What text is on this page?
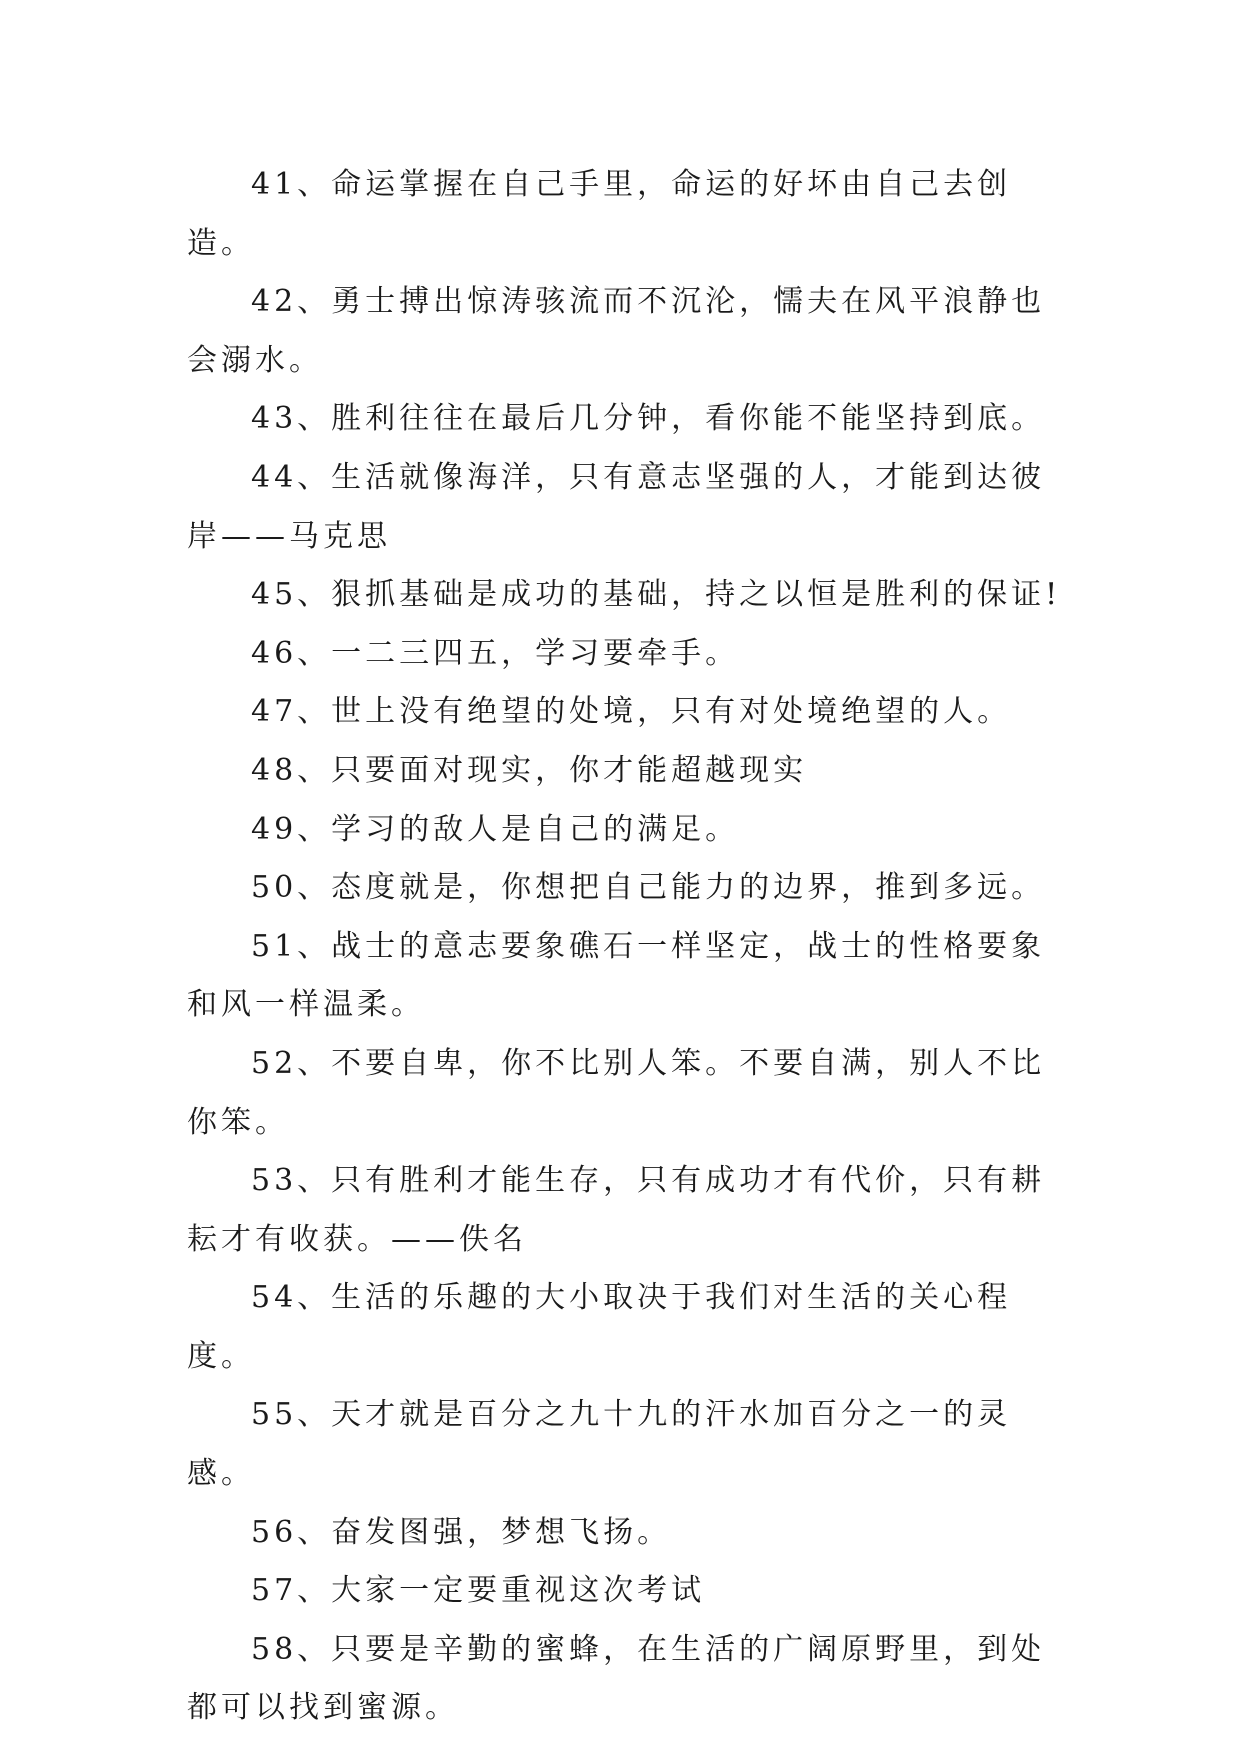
41、命运掌握在自己手里，命运的好坏由自己去创造。

42、勇士搏出惊涛骇流而不沉沦，懦夫在风平浪静也会溺水。

43、胜利往往在最后几分钟，看你能不能坚持到底。

44、生活就像海洋，只有意志坚强的人，才能到达彼岸——马克思

45、狠抓基础是成功的基础，持之以恒是胜利的保证!

46、一二三四五，学习要牵手。

47、世上没有绝望的处境，只有对处境绝望的人。

48、只要面对现实，你才能超越现实

49、学习的敌人是自己的满足。

50、态度就是，你想把自己能力的边界，推到多远。

51、战士的意志要象礁石一样坚定，战士的性格要象和风一样温柔。

52、不要自卑，你不比别人笨。不要自满，别人不比你笨。

53、只有胜利才能生存，只有成功才有代价，只有耕耘才有收获。——佚名

54、生活的乐趣的大小取决于我们对生活的关心程度。

55、天才就是百分之九十九的汗水加百分之一的灵感。

56、奋发图强，梦想飞扬。

57、大家一定要重视这次考试

58、只要是辛勤的蜜蜂，在生活的广阔原野里，到处都可以找到蜜源。
